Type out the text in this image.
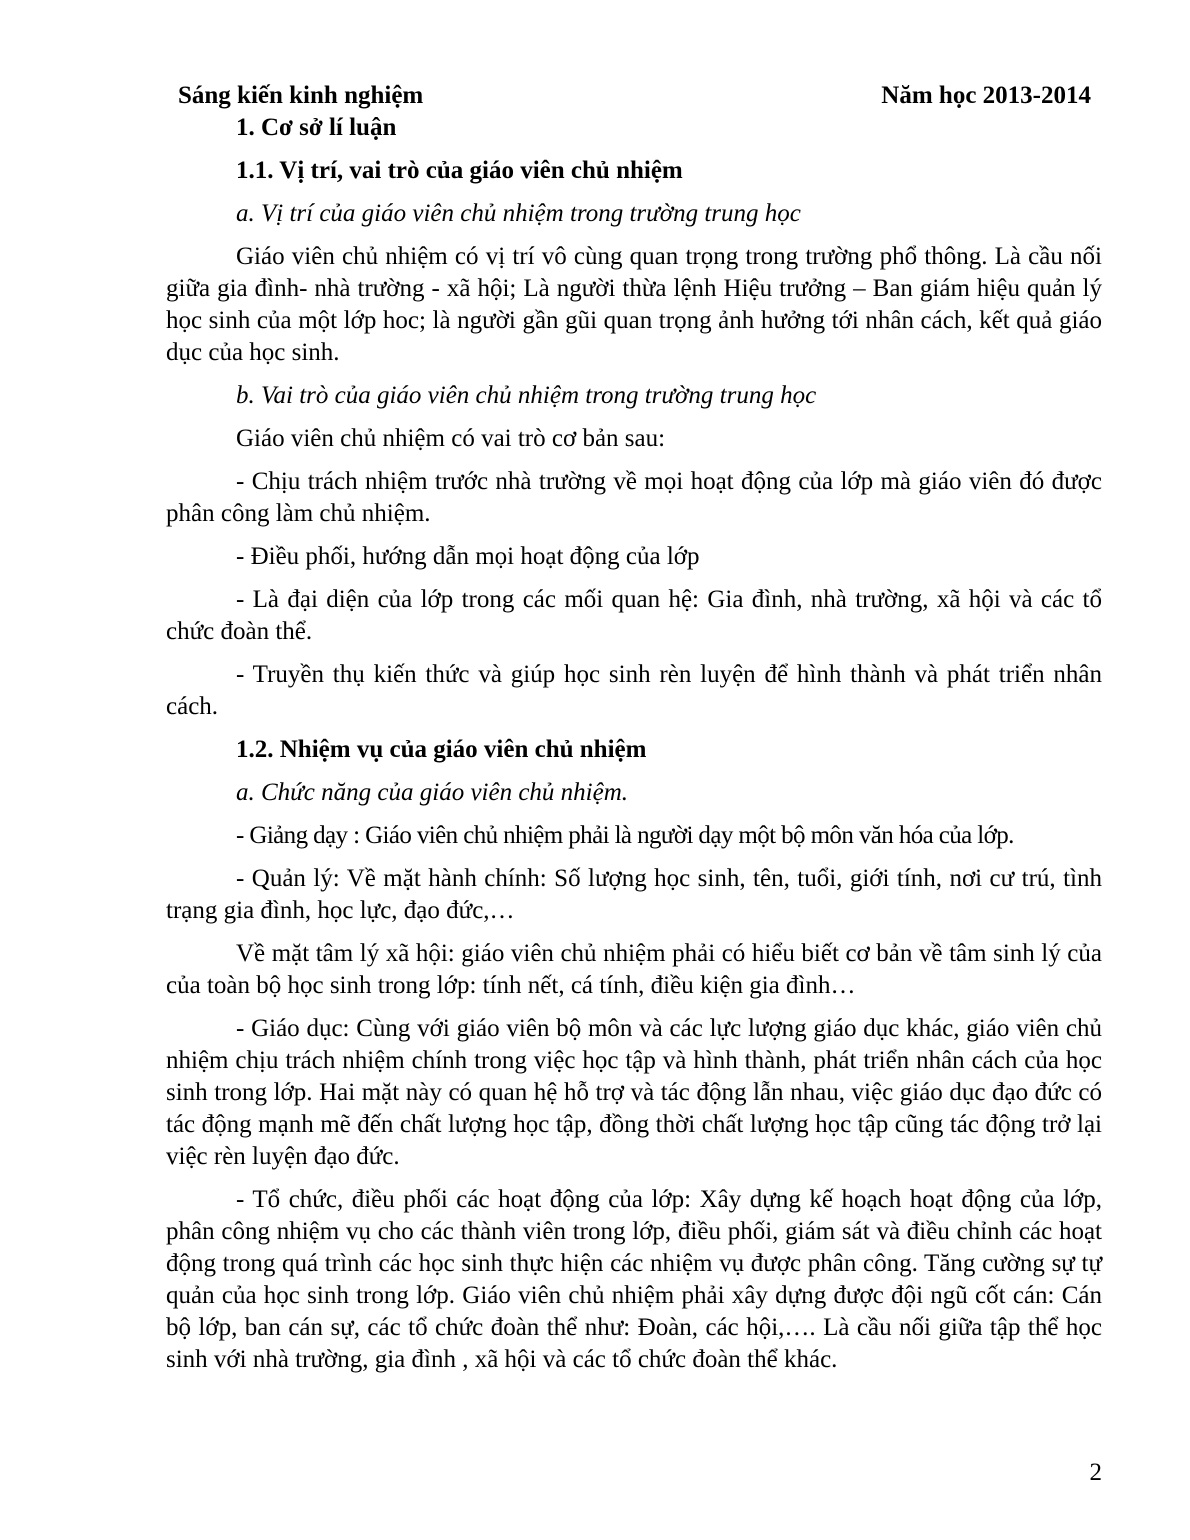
Sáng kiến kinh nghiệm	Năm học 2013-2014

1. Cơ sở lí luận

1.1. Vị trí, vai trò của giáo viên chủ nhiệm

a. Vị trí của giáo viên chủ nhiệm trong trường trung học

Giáo viên chủ nhiệm có vị trí vô cùng quan trọng trong trường phổ thông. Là cầu nối giữa gia đình- nhà trường - xã hội; Là người thừa lệnh Hiệu trưởng – Ban giám hiệu quản lý học sinh của một lớp hoc; là người gần gũi quan trọng ảnh hưởng tới nhân cách, kết quả giáo dục của học sinh.

b. Vai trò của giáo viên chủ nhiệm trong trường trung học

Giáo viên chủ nhiệm có vai trò cơ bản sau:

- Chịu trách nhiệm trước nhà trường về mọi hoạt động của lớp mà giáo viên đó được phân công làm chủ nhiệm.

- Điều phối, hướng dẫn mọi hoạt động của lớp

- Là đại diện của lớp trong các mối quan hệ: Gia đình, nhà trường, xã hội và các tổ chức đoàn thể.

- Truyền thụ kiến thức và giúp học sinh rèn luyện để hình thành và phát triển nhân cách.

1.2. Nhiệm vụ của giáo viên chủ nhiệm

a. Chức năng của giáo viên chủ nhiệm.

- Giảng dạy : Giáo viên chủ nhiệm phải là người dạy một bộ môn văn hóa của lớp.

- Quản lý: Về mặt hành chính: Số lượng học sinh, tên, tuổi, giới tính, nơi cư trú, tình trạng gia đình, học lực, đạo đức,…

Về mặt tâm lý xã hội: giáo viên chủ nhiệm phải có hiểu biết cơ bản về tâm sinh lý của của toàn bộ học sinh trong lớp: tính nết, cá tính, điều kiện gia đình…

- Giáo dục: Cùng với giáo viên bộ môn và các lực lượng giáo dục khác, giáo viên chủ nhiệm chịu trách nhiệm chính trong việc học tập và hình thành, phát triển nhân cách của học sinh trong lớp. Hai mặt này có quan hệ hỗ trợ và tác động lẫn nhau, việc giáo dục đạo đức có tác động mạnh mẽ đến chất lượng học tập, đồng thời chất lượng học tập cũng tác động trở lại việc rèn luyện đạo đức.

- Tổ chức, điều phối các hoạt động của lớp: Xây dựng kế hoạch hoạt động của lớp, phân công nhiệm vụ cho các thành viên trong lớp, điều phối, giám sát và điều chỉnh các hoạt động trong quá trình các học sinh thực hiện các nhiệm vụ được phân công. Tăng cường sự tự quản của học sinh trong lớp. Giáo viên chủ nhiệm phải xây dựng được đội ngũ cốt cán: Cán bộ lớp, ban cán sự, các tổ chức đoàn thể như: Đoàn, các hội,…. Là cầu nối giữa tập thể học sinh với nhà trường, gia đình , xã hội và các tổ chức đoàn thể khác.

2
